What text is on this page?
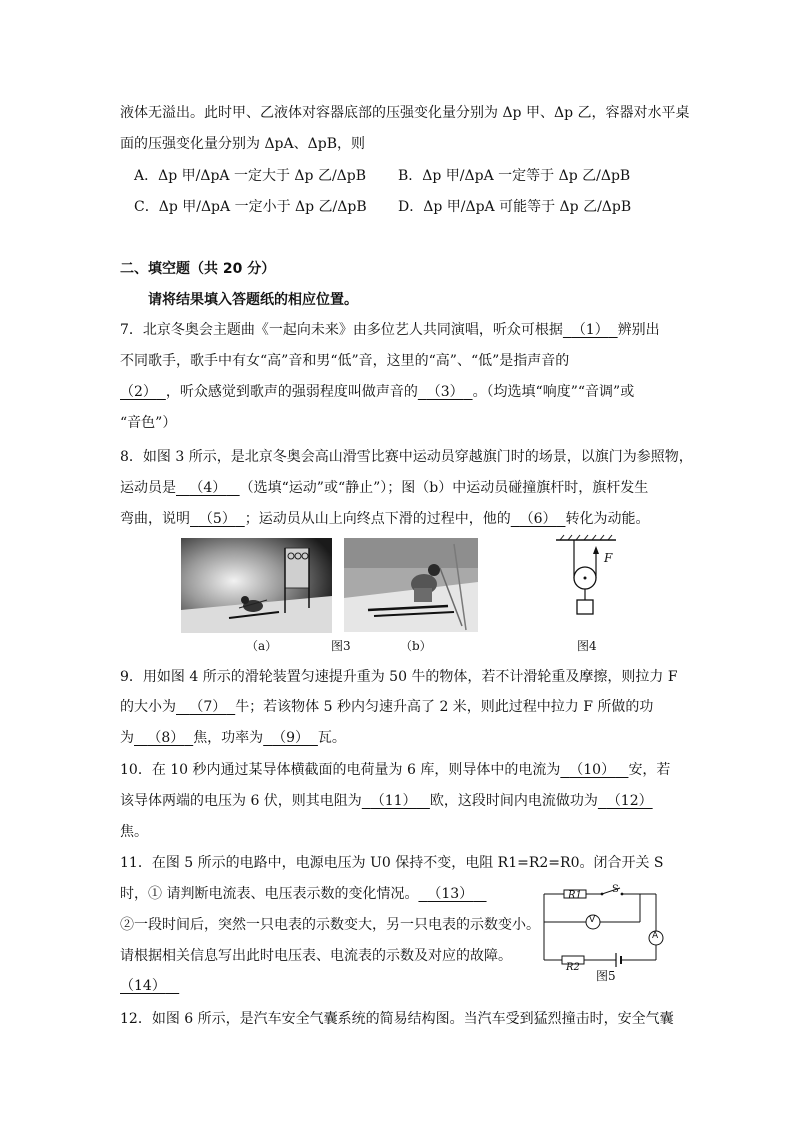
液体无溢出。此时甲、乙液体对容器底部的压强变化量分别为 Δp 甲、Δp 乙，容器对水平桌
面的压强变化量分别为 ΔpA、ΔpB，则
A．Δp 甲/ΔpA 一定大于 Δp 乙/ΔpB B．Δp 甲/ΔpA 一定等于 Δp 乙/ΔpB
C．Δp 甲/ΔpA 一定小于 Δp 乙/ΔpB D．Δp 甲/ΔpA 可能等于 Δp 乙/ΔpB
二、填空题（共 20 分）
请将结果填入答题纸的相应位置。
7．北京冬奥会主题曲《一起向未来》由多位艺人共同演唱，听众可根据 （1） 辨别出
不同歌手，歌手中有女“高”音和男“低”音，这里的“高”、“低”是指声音的
（2） ，听众感觉到歌声的强弱程度叫做声音的 （3） 。（均选填“响度”“音调”或
“音色”）
8．如图 3 所示，是北京冬奥会高山滑雪比赛中运动员穿越旗门时的场景，以旗门为参照物，
运动员是 （4） （选填“运动”或“静止”）；图（b）中运动员碰撞旗杆时，旗杆发生
弯曲，说明 （5） ；运动员从山上向终点下滑的过程中，他的 （6） 转化为动能。
（a）	图3	（b）
F
图4
9．用如图 4 所示的滑轮装置匀速提升重为 50 牛的物体，若不计滑轮重及摩擦，则拉力 F
的大小为 （7） 牛；若该物体 5 秒内匀速升高了 2 米，则此过程中拉力 F 所做的功
为 （8） 焦，功率为 （9） 瓦。
10．在 10 秒内通过某导体横截面的电荷量为 6 库，则导体中的电流为 （10） 安，若
该导体两端的电压为 6 伏，则其电阻为 （11） 欧，这段时间内电流做功为 （12）
焦。
11．在图 5 所示的电路中，电源电压为 U0 保持不变，电阻 R1=R2=R0。闭合开关 S
时，① 请判断电流表、电压表示数的变化情况。 （13）
②一段时间后，突然一只电表的示数变大，另一只电表的示数变小。
请根据相关信息写出此时电压表、电流表的示数及对应的故障。
（14）
R1
S
V
A
R2
图5
12．如图 6 所示，是汽车安全气囊系统的简易结构图。当汽车受到猛烈撞击时，安全气囊
